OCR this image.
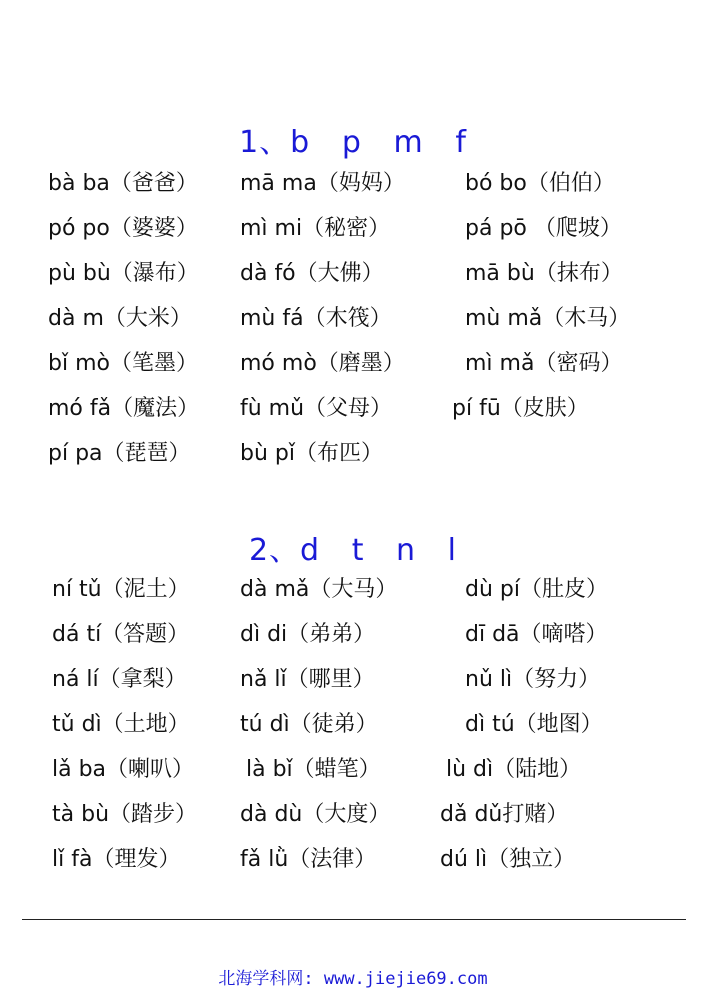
1、b   p   m   f
bà ba（爸爸） mā ma（妈妈）	bó bo（伯伯）
pó po（婆婆） mì mi（秘密）	pá pō （爬坡）
pù bù（瀑布） dà fó（大佛）	mā bù（抹布）
dà m（大米） mù fá（木筏）	mù mǎ（木马）
bǐ mò（笔墨） mó mò（磨墨）	mì mǎ（密码）
mó fǎ（魔法） fù mǔ（父母）	pí fū（皮肤）
pí pa（琵琶） bù pǐ（布匹）
2、d   t   n   l
ní tǔ（泥土） dà mǎ（大马）	dù pí（肚皮）
dá tí（答题） dì di（弟弟）	dī dā（嘀嗒）
ná lí（拿梨） nǎ lǐ（哪里）	nǔ lì（努力）
tǔ dì（土地） tú dì（徒弟）	dì tú（地图）
lǎ ba（喇叭） là bǐ（蜡笔）	lù dì（陆地）
tà bù（踏步） dà dù（大度） dǎ dǔ打赌）
lǐ fà（理发）	fǎ lǜ（法律）	dú lì（独立）
北海学科网: www.jiejie69.com
